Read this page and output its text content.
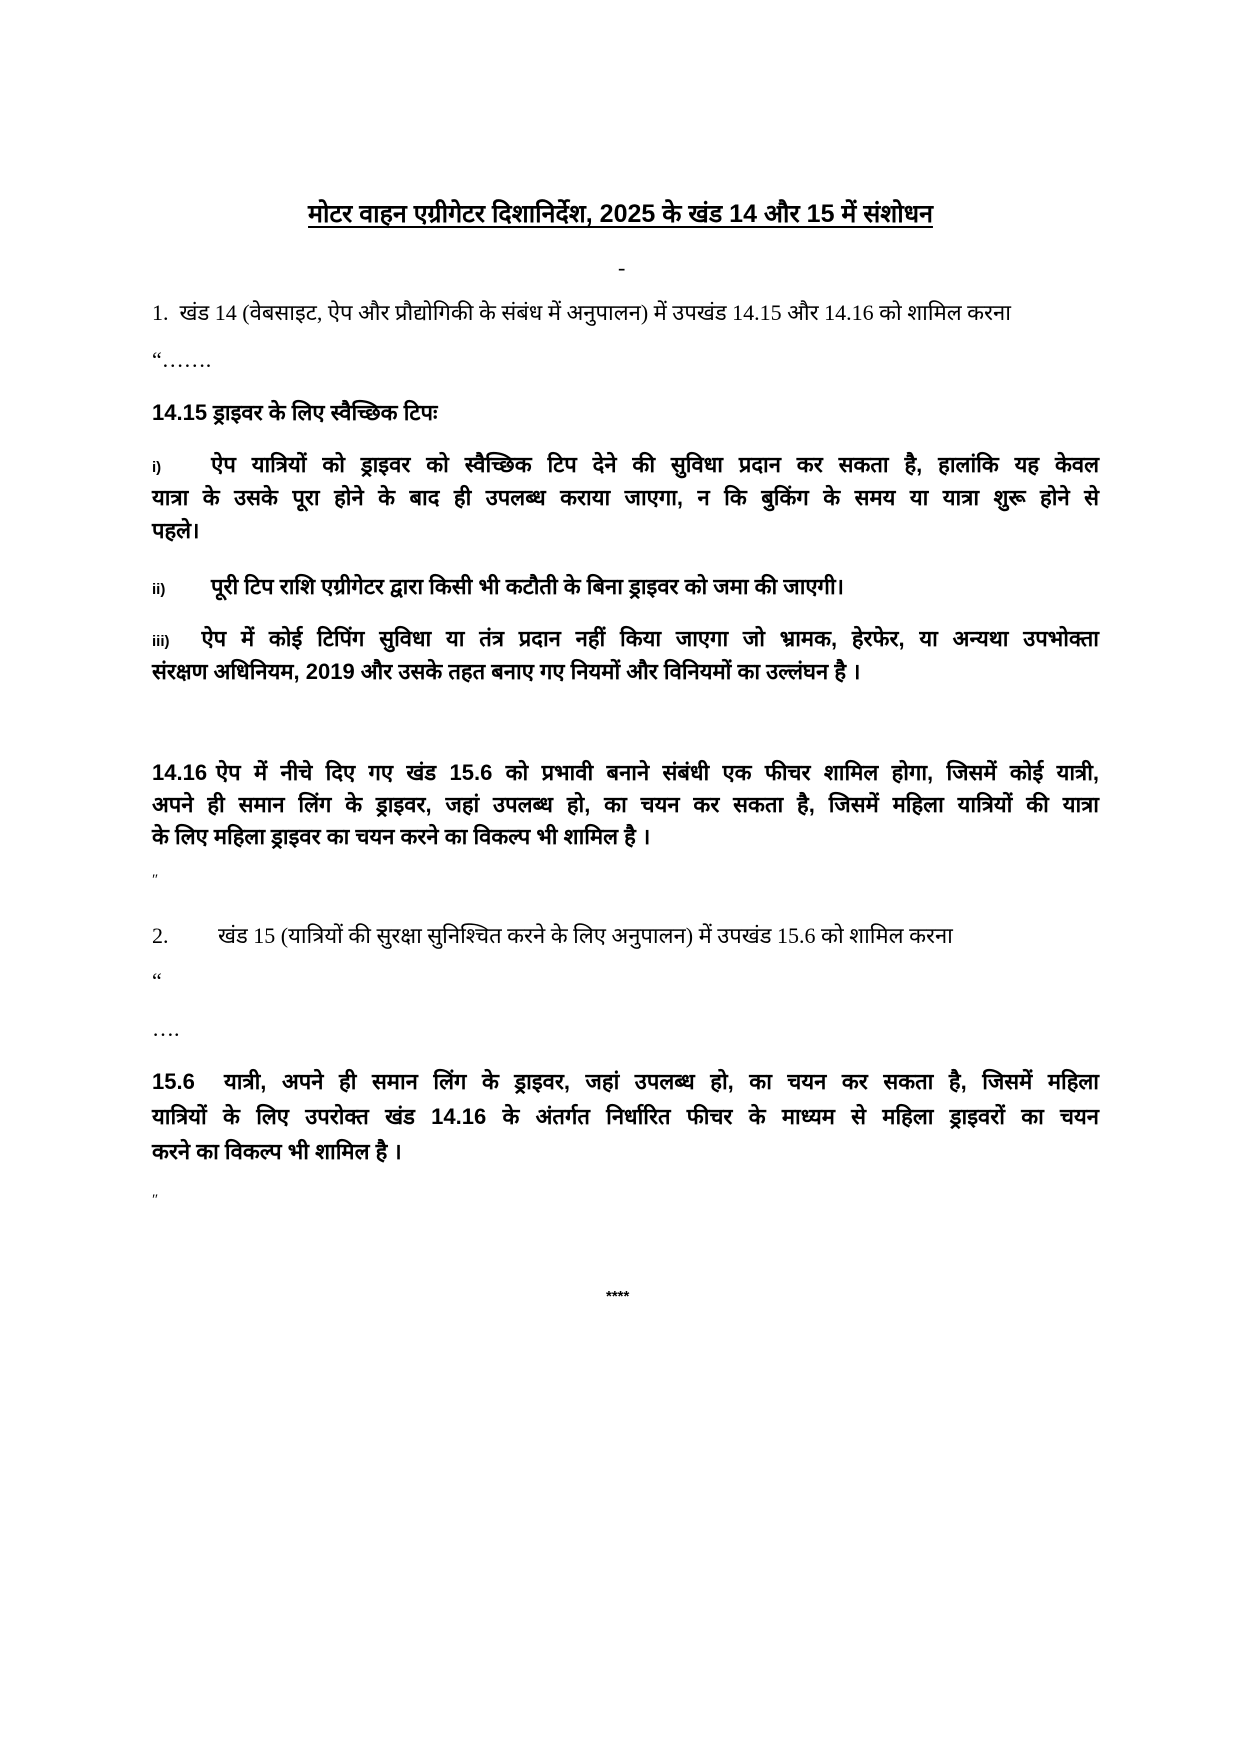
मोटर वाहन एग्रीगेटर दिशानिर्देश, 2025 के खंड 14 और 15 में संशोधन
-
1. खंड 14 (वेबसाइट, ऐप और प्रौद्योगिकी के संबंध में अनुपालन) में उपखंड 14.15 और 14.16 को शामिल करना
“…….
14.15 ड्राइवर के लिए स्वैच्छिक टिपः
i) ऐप यात्रियों को ड्राइवर को स्वैच्छिक टिप देने की सुविधा प्रदान कर सकता है, हालांकि यह केवल
यात्रा के उसके पूरा होने के बाद ही उपलब्ध कराया जाएगा, न कि बुकिंग के समय या यात्रा शुरू होने से
पहले।
ii) पूरी टिप राशि एग्रीगेटर द्वारा किसी भी कटौती के बिना ड्राइवर को जमा की जाएगी।
iii) ऐप में कोई टिपिंग सुविधा या तंत्र प्रदान नहीं किया जाएगा जो भ्रामक, हेरफेर, या अन्यथा उपभोक्ता
संरक्षण अधिनियम, 2019 और उसके तहत बनाए गए नियमों और विनियमों का उल्लंघन है ।
14.16 ऐप में नीचे दिए गए खंड 15.6 को प्रभावी बनाने संबंधी एक फीचर शामिल होगा, जिसमें कोई यात्री,
अपने ही समान लिंग के ड्राइवर, जहां उपलब्ध हो, का चयन कर सकता है, जिसमें महिला यात्रियों की यात्रा
के लिए महिला ड्राइवर का चयन करने का विकल्प भी शामिल है ।
″
2. खंड 15 (यात्रियों की सुरक्षा सुनिश्चित करने के लिए अनुपालन) में उपखंड 15.6 को शामिल करना
“
….
15.6 यात्री, अपने ही समान लिंग के ड्राइवर, जहां उपलब्ध हो, का चयन कर सकता है, जिसमें महिला
यात्रियों के लिए उपरोक्त खंड 14.16 के अंतर्गत निर्धारित फीचर के माध्यम से महिला ड्राइवरों का चयन
करने का विकल्प भी शामिल है ।
″
****
